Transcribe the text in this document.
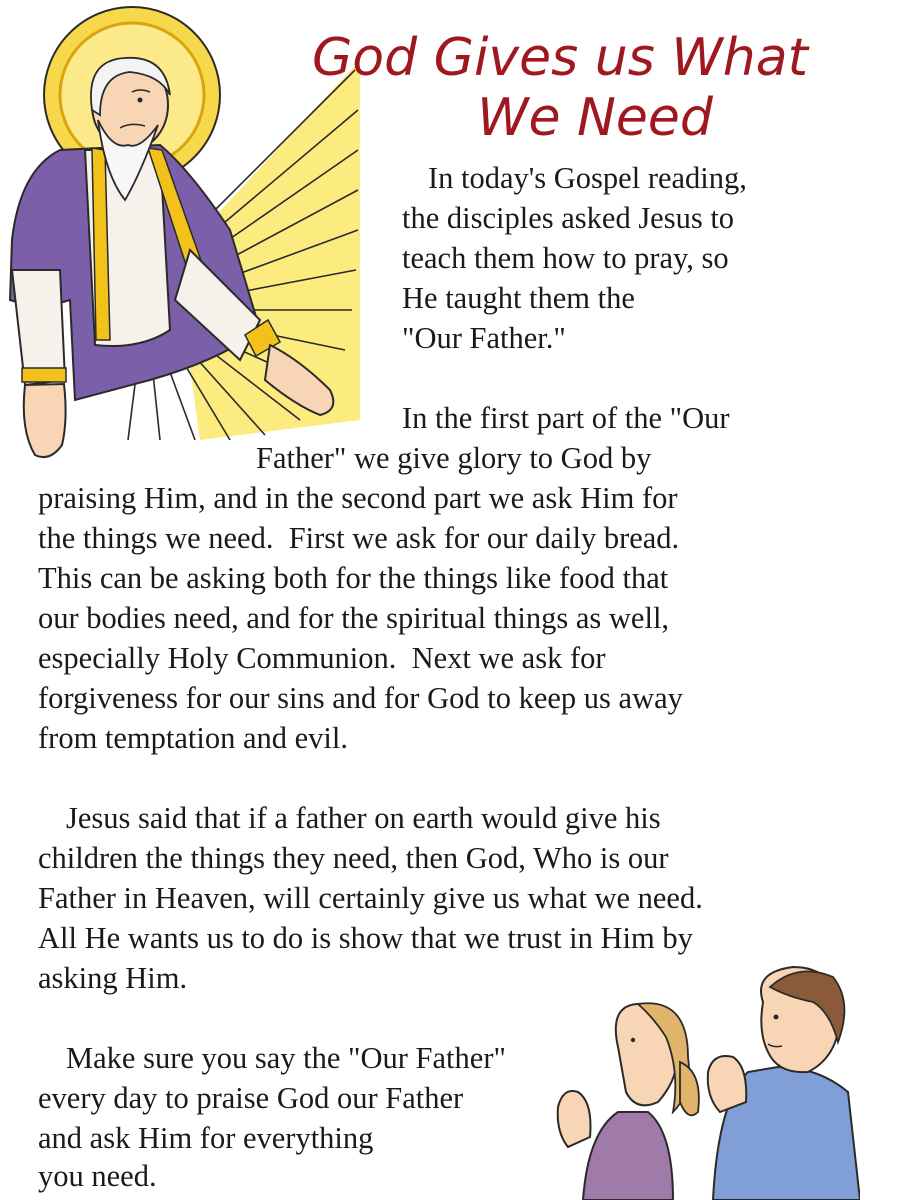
God Gives us What
We Need

In today's Gospel reading,

the disciples asked Jesus to

teach them how to pray, so

He taught them the

"Our Father."

In the first part of the "Our

Father" we give glory to God by

praising Him, and in the second part we ask Him for

the things we need.  First we ask for our daily bread.

This can be asking both for the things like food that

our bodies need, and for the spiritual things as well,

especially Holy Communion.  Next we ask for

forgiveness for our sins and for God to keep us away

from temptation and evil.

Jesus said that if a father on earth would give his

children the things they need, then God, Who is our

Father in Heaven, will certainly give us what we need.

All He wants us to do is show that we trust in Him by

asking Him.

Make sure you say the "Our Father"

every day to praise God our Father

and ask Him for everything

you need.
